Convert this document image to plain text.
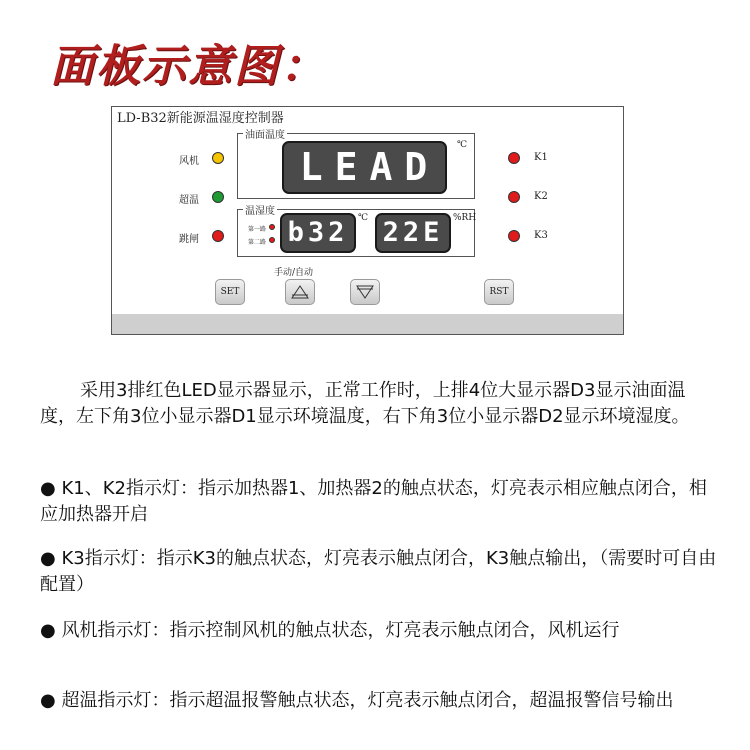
面板示意图：
LD-B32新能源温湿度控制器
风机
超温
跳闸
K1
K2
K3
油面温度
LEAD	℃
温湿度
第一路
第二路 b32	℃ 22E	%RH
手动/自动
SET	RST

采用3排红色LED显示器显示，正常工作时，上排4位大显示器D3显示油面温度，左下角3位小显示器D1显示环境温度，右下角3位小显示器D2显示环境湿度。

● K1、K2指示灯：指示加热器1、加热器2的触点状态，灯亮表示相应触点闭合，相应加热器开启

● K3指示灯：指示K3的触点状态，灯亮表示触点闭合，K3触点输出，（需要时可自由配置）

● 风机指示灯：指示控制风机的触点状态，灯亮表示触点闭合，风机运行

● 超温指示灯：指示超温报警触点状态，灯亮表示触点闭合，超温报警信号输出
